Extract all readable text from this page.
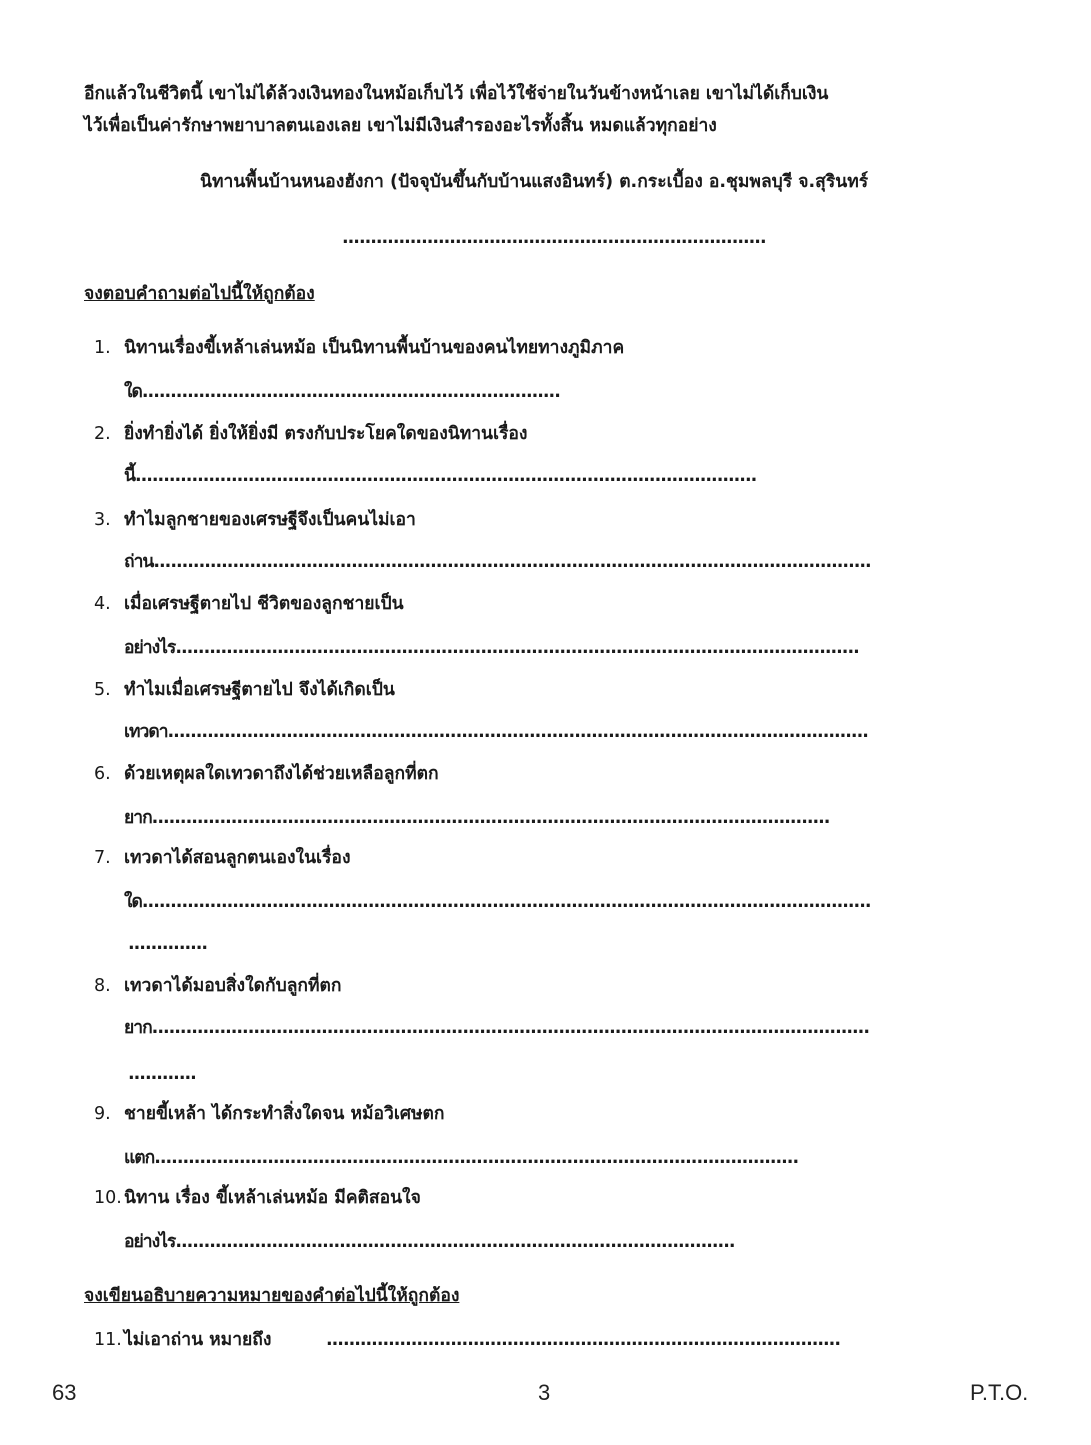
อีกแล้วในชีวิตนี้ เขาไม่ได้ล้วงเงินทองในหม้อเก็บไว้ เพื่อไว้ใช้จ่ายในวันข้างหน้าเลย เขาไม่ได้เก็บเงิน
ไว้เพื่อเป็นค่ารักษาพยาบาลตนเองเลย เขาไม่มีเงินสำรองอะไรทั้งสิ้น หมดแล้วทุกอย่าง
นิทานพื้นบ้านหนองฮังกา (ปัจจุบันขึ้นกับบ้านแสงอินทร์) ต.กระเบื้อง อ.ชุมพลบุรี จ.สุรินทร์
...........................................................................
จงตอบคำถามต่อไปนี้ให้ถูกต้อง
1. นิทานเรื่องขี้เหล้าเล่นหม้อ เป็นนิทานพื้นบ้านของคนไทยทางภูมิภาค
ใด..........................................................................
2. ยิ่งทำยิ่งได้ ยิ่งให้ยิ่งมี ตรงกับประโยคใดของนิทานเรื่อง
นี้..............................................................................................................
3. ทำไมลูกชายของเศรษฐีจึงเป็นคนไม่เอา
ถ่าน...............................................................................................................................
4. เมื่อเศรษฐีตายไป ชีวิตของลูกชายเป็น
อย่างไร.........................................................................................................................
5. ทำไมเมื่อเศรษฐีตายไป จึงได้เกิดเป็น
เทวดา............................................................................................................................
6. ด้วยเหตุผลใดเทวดาถึงได้ช่วยเหลือลูกที่ตก
ยาก........................................................................................................................
7. เทวดาได้สอนลูกตนเองในเรื่อง
ใด.................................................................................................................................
..............
8. เทวดาได้มอบสิ่งใดกับลูกที่ตก
ยาก...............................................................................................................................
............
9. ชายขี้เหล้า ได้กระทำสิ่งใดจน หม้อวิเศษตก
แตก..................................................................................................................
10. นิทาน เรื่อง ขี้เหล้าเล่นหม้อ มีคติสอนใจ
อย่างไร...................................................................................................
จงเขียนอธิบายความหมายของคำต่อไปนี้ให้ถูกต้อง
11. ไม่เอาถ่าน หมายถึง	...........................................................................................
63	3	P.T.O.
